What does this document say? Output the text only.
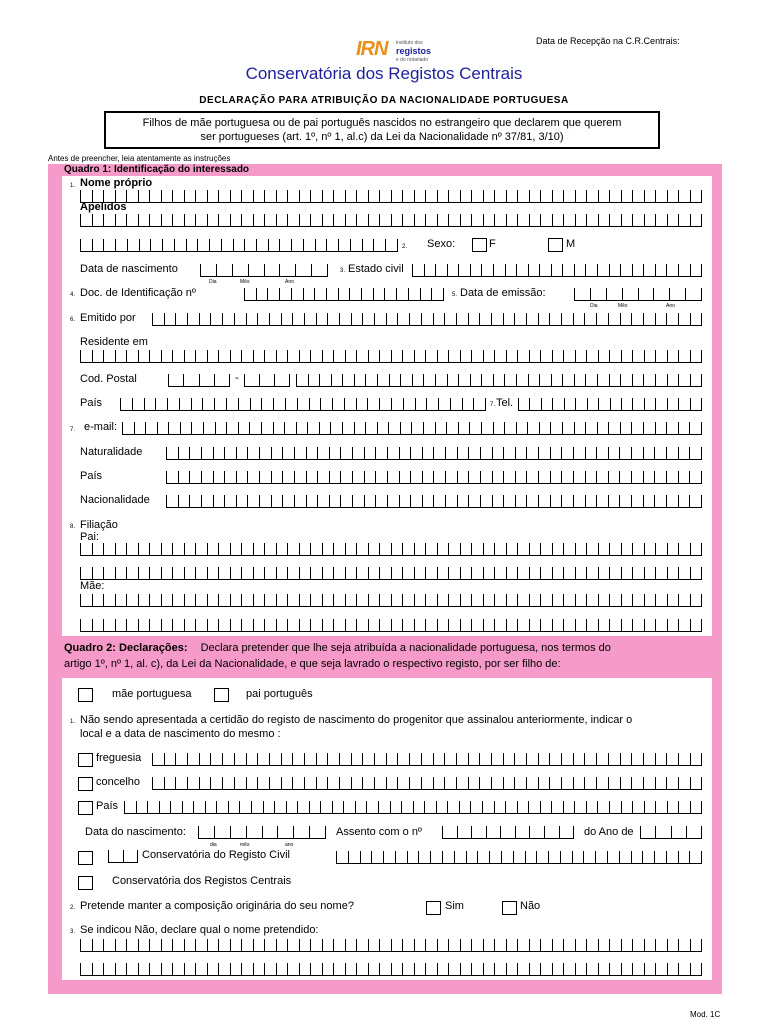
Data de Recepção na C.R.Centrais:
IRN instituto dos
registos
e do notariado
Conservatória dos Registos Centrais
DECLARAÇÃO PARA ATRIBUIÇÃO DA NACIONALIDADE PORTUGUESA
Filhos de mãe portuguesa ou de pai português nascidos no estrangeiro que declarem que querem ser portugueses (art. 1º, nº 1, al.c) da Lei da Nacionalidade nº 37/81, 3/10)
Antes de preencher, leia atentamente as instruções
Quadro 1: Identificação do interessado
1. Nome próprio
Apelidos
2. Sexo:	F	M
Data de nascimento
Dia	Mês	Ano
3. Estado civil
4. Doc. de Identificação nº	5. Data de emissão:
Dia	Mês	Ano
6. Emitido por
Residente em
Cod. Postal	-
País	7. Tel.
7. e-mail:
Naturalidade
País
Nacionalidade
8. Filiação
Pai:
Mãe:
Quadro 2: Declarações: Declara pretender que lhe seja atribuída a nacionalidade portuguesa, nos termos do
artigo 1º, nº 1, al. c), da Lei da Nacionalidade, e que seja lavrado o respectivo registo, por ser filho de:
mãe portuguesa	pai português
1. Não sendo apresentada a certidão do registo de nascimento do progenitor que assinalou anteriormente, indicar o
local e a data de nascimento do mesmo :
freguesia
concelho
País
Data do nascimento:
dia	mês	ano
Assento com o nº	do Ano de
Conservatória do Registo Civil
Conservatória dos Registos Centrais
2. Pretende manter a composição originária do seu nome?	Sim	Não
3. Se indicou Não, declare qual o nome pretendido:
Mod. 1C
